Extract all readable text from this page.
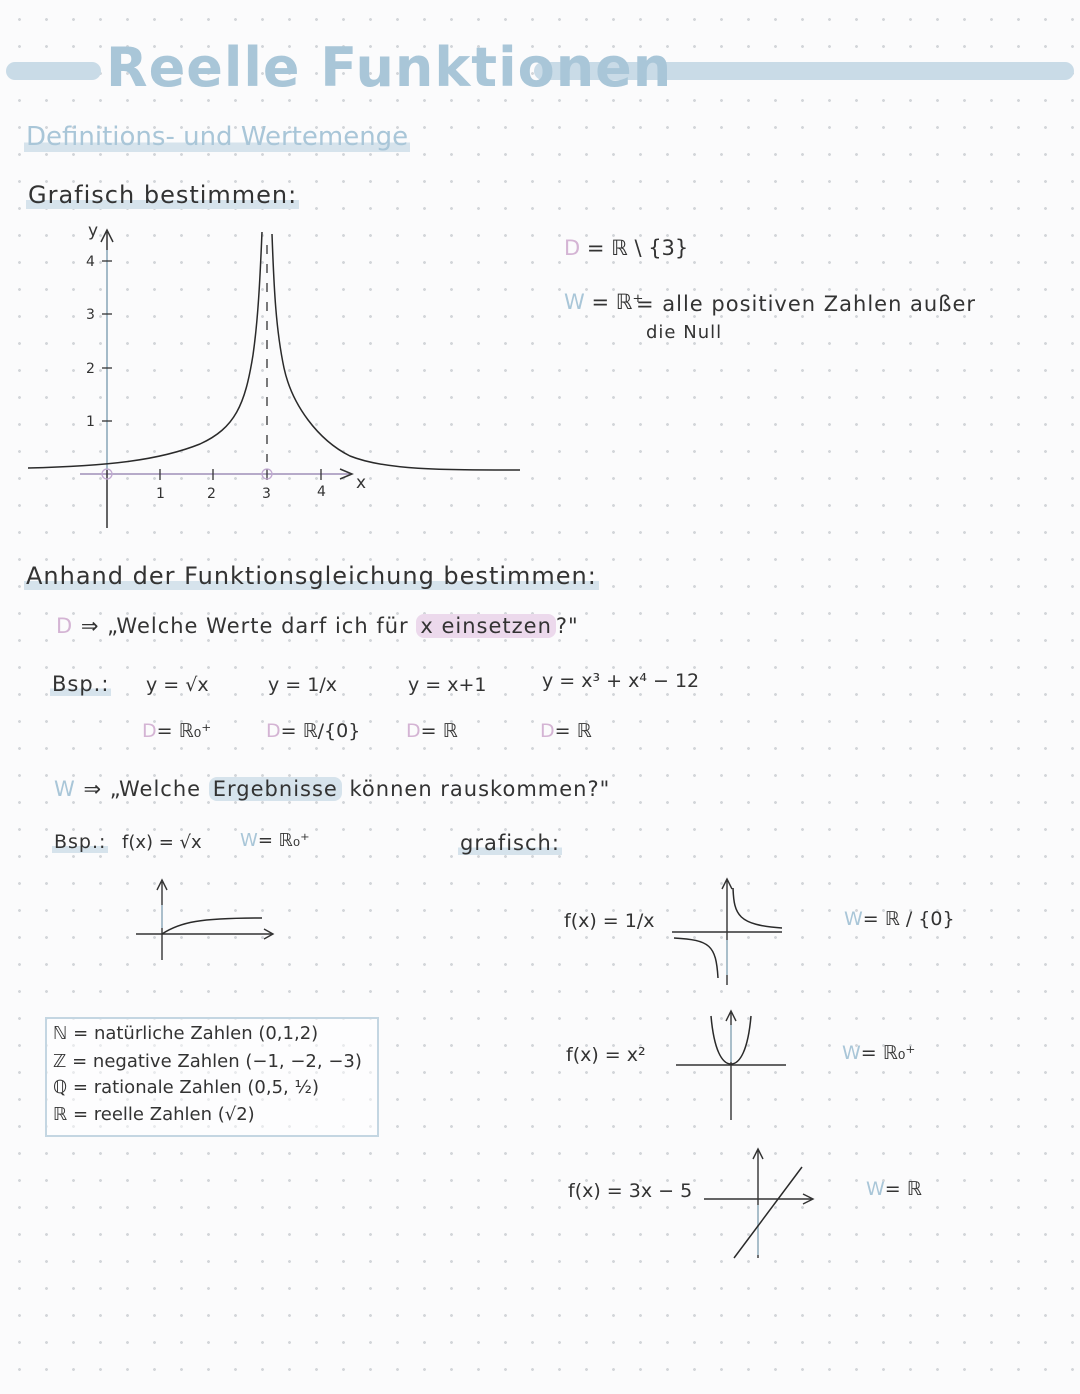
Reelle Funktionen
Definitions- und Wertemenge
Grafisch bestimmen:
1	2	3	4 x
1
2
3
4
y
D = ℝ \ {3}
W = ℝ⁺
= alle positiven Zahlen außer
die Null
Anhand der Funktionsgleichung bestimmen:
D ⇒ „Welche Werte darf ich für x einsetzen ?"
Bsp.: y = √x	y = 1/x	y = x+1	y = x³ + x⁴ − 12
D= ℝ₀⁺	D= ℝ/{0} D= ℝ	D= ℝ
W ⇒ „Welche Ergebnisse können rauskommen?"
Bsp.: f(x) = √x W= ℝ₀⁺	grafisch:
f(x) = 1/x	W= ℝ / {0}
f(x) = x²	W= ℝ₀⁺
f(x) = 3x − 5	W= ℝ
ℕ = natürliche Zahlen (0,1,2)
ℤ = negative Zahlen (−1, −2, −3)
ℚ = rationale Zahlen (0,5, ½)
ℝ = reelle Zahlen (√2)
